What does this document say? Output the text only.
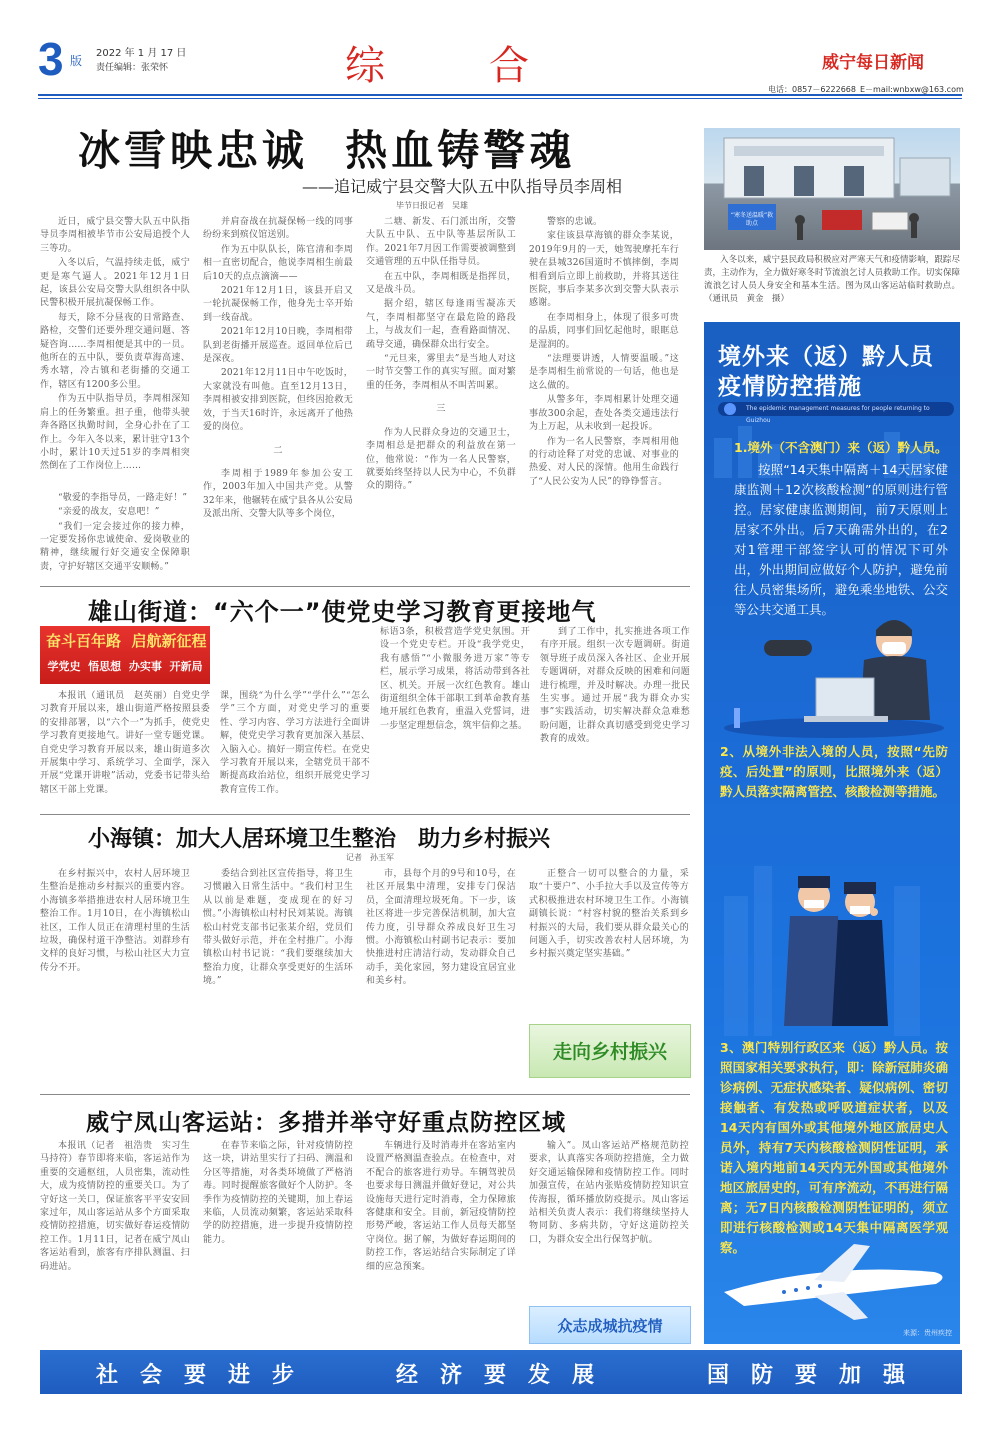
3 版
2022 年 1 月 17 日
责任编辑：张荣怀	综　　合	威宁每日新闻
电话：0857－6222668 E－mail:wnbxw@163.com
冰雪映忠诚  热血铸警魂
——追记威宁县交警大队五中队指导员李周相
毕节日报记者　吴雄

近日，威宁县交警大队五中队指导员李周相被毕节市公安局追授个人三等功。

入冬以后，气温持续走低，威宁更是寒气逼人。2021年12月1日起，该县公安局交警大队组织各中队民警积极开展抗凝保畅工作。

每天，除不分昼夜的日常路查、路检，交警们还要外理交通问题、答疑咨询……李周相便是其中的一员。他所在的五中队，要负责草海高速、秀水辖，冷古镇和老街播的交通工作，辖区有1200多公里。

作为五中队指导员，李周相深知肩上的任务繁重。担子重，他带头驶奔各路区执勤时间，全身心扑在了工作上。今年入冬以来，累计驻守13个小时，累计10天过51岁的李周相突然倒在了工作岗位上……

“敬爱的李指导员，一路走好！”

“亲爱的战友，安息吧！”

“我们一定会接过你的接力棒，一定要发扬你忠诚使命、爱岗敬业的精神，继续履行好交通安全保障职责，守护好辖区交通平安顺畅。”

并肩奋战在抗凝保畅一线的同事纷纷来到殡仪馆送别。

作为五中队队长，陈官清和李周相一直密切配合，他说李周相生前最后10天的点点滴滴——

2021年12月1日，该县开启又一轮抗凝保畅工作，他身先士卒开始到一线奋战。

2021年12月10日晚，李周相带队到老街播开展巡查。返回单位后已是深夜。

2021年12月11日中午吃饭时，大家就没有叫他。直至12月13日，李周相被安排到医院，但终因抢救无效，于当天16时许，永远离开了他热爱的岗位。

二

李周相于1989年参加公安工作，2003年加入中国共产党。从警32年来，他辗转在威宁县各从公安局及派出所、交警大队等多个岗位，

二塘、新发、石门派出所，交警大队五中队、五中队等基层所队工作。2021年7月因工作需要被调整到交通管理的五中队任指导员。

在五中队，李周相既是指挥员，又是战斗员。

据介绍，辖区每逢雨雪凝冻天气，李周相都坚守在最危险的路段上，与战友们一起，查看路面情况、疏导交通，确保群众出行安全。

“元旦来，雾里去”是当地人对这一时节交警工作的真实写照。面对繁重的任务，李周相从不叫苦叫累。

三

作为人民群众身边的交通卫士，李周相总是把群众的利益放在第一位，他常说：“作为一名人民警察，就要始终坚持以人民为中心，不负群众的期待。”

警察的忠诚。

家住该县草海镇的群众李某说，2019年9月的一天，她驾驶摩托车行驶在县城326国道时不慎摔倒，李周相看到后立即上前救助，并将其送往医院，事后李某多次到交警大队表示感谢。

在李周相身上，体现了很多可贵的品质，同事们回忆起他时，眼眶总是湿润的。

“法理要讲透，人情要温暖。”这是李周相生前常说的一句话，他也是这么做的。

从警多年，李周相累计处理交通事故300余起，查处各类交通违法行为上万起，从未收到一起投诉。

作为一名人民警察，李周相用他的行动诠释了对党的忠诚、对事业的热爱、对人民的深情。他用生命践行了“人民公安为人民”的铮铮誓言。

“寒冬送温暖”救助点
入冬以来，威宁县民政局积极应对严寒天气和疫情影响，跟踪尽责，主动作为，全力做好寒冬时节流浪乞讨人员救助工作。切实保障流浪乞讨人员人身安全和基本生活。图为凤山客运站临时救助点。（通讯员　黄金　摄）
境外来（返）黔人员
疫情防控措施
The epidemic management measures for people returning to Guizhou
1.境外（不含澳门）来（返）黔人员。
按照“14天集中隔离＋14天居家健康监测＋12次核酸检测”的原则进行管控。居家健康监测期间，前7天原则上居家不外出。后7天确需外出的，在2对1管理干部签字认可的情况下可外出，外出期间应做好个人防护，避免前往人员密集场所，避免乘坐地铁、公交等公共交通工具。
2、从境外非法入境的人员，按照“先防疫、后处置”的原则，比照境外来（返）黔人员落实隔离管控、核酸检测等措施。
3、澳门特别行政区来（返）黔人员。按照国家相关要求执行，即：除新冠肺炎确诊病例、无症状感染者、疑似病例、密切接触者、有发热或呼吸道症状者，以及14天内有国外或其他境外地区旅居史人员外，持有7天内核酸检测阴性证明，承诺入境内地前14天内无外国或其他境外地区旅居史的，可有序流动，不再进行隔离；无7日内核酸检测阴性证明的，须立即进行核酸检测或14天集中隔离医学观察。
来源：贵州疾控
雄山街道：“六个一”使党史学习教育更接地气
奋斗百年路  启航新征程
学党史  悟思想  办实事  开新局
本报讯（通讯员　赵英丽）自党史学习教育开展以来，雄山街道严格按照县委的安排部署，以“六个一”为抓手，使党史学习教育更接地气。讲好一堂专题党课。自党史学习教育开展以来，雄山街道多次开展集中学习、系统学习、全面学，深入开展“党课开讲啦”活动，党委书记带头给辖区干部上党课。
课，围绕“为什么学”“学什么”“怎么学”三个方面，对党史学习的重要性、学习内容、学习方法进行全面讲解，使党史学习教育更加深入基层、入脑入心。搞好一期宣传栏。在党史学习教育开展以来，全辖党员干部不断提高政治站位，组织开展党史学习教育宣传工作。
标语3条，积极营造学党史氛围。开设一个党史专栏。开设“我学党史，我有感悟”“小微服务进万家”等专栏，展示学习成果，将活动带到各社区、机关。开展一次红色教育。雄山街道组织全体干部职工到革命教育基地开展红色教育，重温入党誓词，进一步坚定理想信念，筑牢信仰之基。
到了工作中，扎实推进各项工作有序开展。组织一次专题调研。街道领导班子成员深入各社区、企业开展专题调研，对群众反映的困难和问题进行梳理，并及时解决。办理一批民生实事。通过开展“我为群众办实事”实践活动，切实解决群众急难愁盼问题，让群众真切感受到党史学习教育的成效。
小海镇：加大人居环境卫生整治　助力乡村振兴
记者　孙玉军
在乡村振兴中，农村人居环境卫生整治是推动乡村振兴的重要内容。小海镇多举措推进农村人居环境卫生整治工作。1月10日，在小海镇松山社区，工作人员正在清理村里的生活垃圾，确保村道干净整洁。刘群珍有文样的良好习惯，与松山社区大力宣传分不开。
委结合到社区宣传指导，将卫生习惯融入日常生活中。“我们村卫生从以前是难题，变成现在的好习惯。”小海镇松山村村民刘某说。海镇松山村党支部书记张某介绍，党员们带头做好示范，并在全村推广。小海镇松山村书记说：“我们要继续加大整治力度，让群众享受更好的生活环境。”
市，县每个月的9号和10号，在社区开展集中清理，安排专门保洁员，全面清理垃圾死角。下一步，该社区将进一步完善保洁机制，加大宣传力度，引导群众养成良好卫生习惯。小海镇松山村副书记表示：要加快推进村庄清洁行动，发动群众自己动手，美化家园，努力建设宜居宜业和美乡村。
正整合一切可以整合的力量，采取“十要户”、小手拉大手以及宣传等方式积极推进农村环境卫生工作。小海镇副镇长说：“村容村貌的整治关系到乡村振兴的大局，我们要从群众最关心的问题入手，切实改善农村人居环境，为乡村振兴奠定坚实基础。”
走向乡村振兴
威宁凤山客运站：多措并举守好重点防控区域
本报讯（记者　祖浩贵　实习生　马持符）春节即将来临，客运站作为重要的交通枢纽，人员密集，流动性大，成为疫情防控的重要关口。为了守好这一关口，保证旅客平平安安回家过年，凤山客运站从多个方面采取疫情防控措施，切实做好春运疫情防控工作。1月11日，记者在威宁凤山客运站看到，旅客有序排队测温、扫码进站。
在春节来临之际，针对疫情防控这一块，讲站里实行了扫码、测温和分区等措施，对各类环境做了严格消毒。同时提醒旅客做好个人防护。冬季作为疫情防控的关键期，加上春运来临，人员流动频繁，客运站采取科学的防控措施，进一步提升疫情防控能力。
车辆进行及时消毒并在客站室内设置严格测温查验点。在检查中，对不配合的旅客进行劝导。车辆驾驶员也要求每日测温并做好登记，对公共设施每天进行定时消毒，全力保障旅客健康和安全。目前，新冠疫情防控形势严峻，客运站工作人员每天都坚守岗位。据了解，为做好春运期间的防控工作，客运站结合实际制定了详细的应急预案。
输入”。凤山客运站严格规范防控要求，认真落实各项防控措施，全力做好交通运输保障和疫情防控工作。同时加强宣传，在站内张贴疫情防控知识宣传海报，循环播放防疫提示。凤山客运站相关负责人表示：我们将继续坚持人物同防、多病共防，守好这道防控关口，为群众安全出行保驾护航。
众志成城抗疫情
社　会　要　进　步	经　济　要　发　展	国　防　要　加　强
